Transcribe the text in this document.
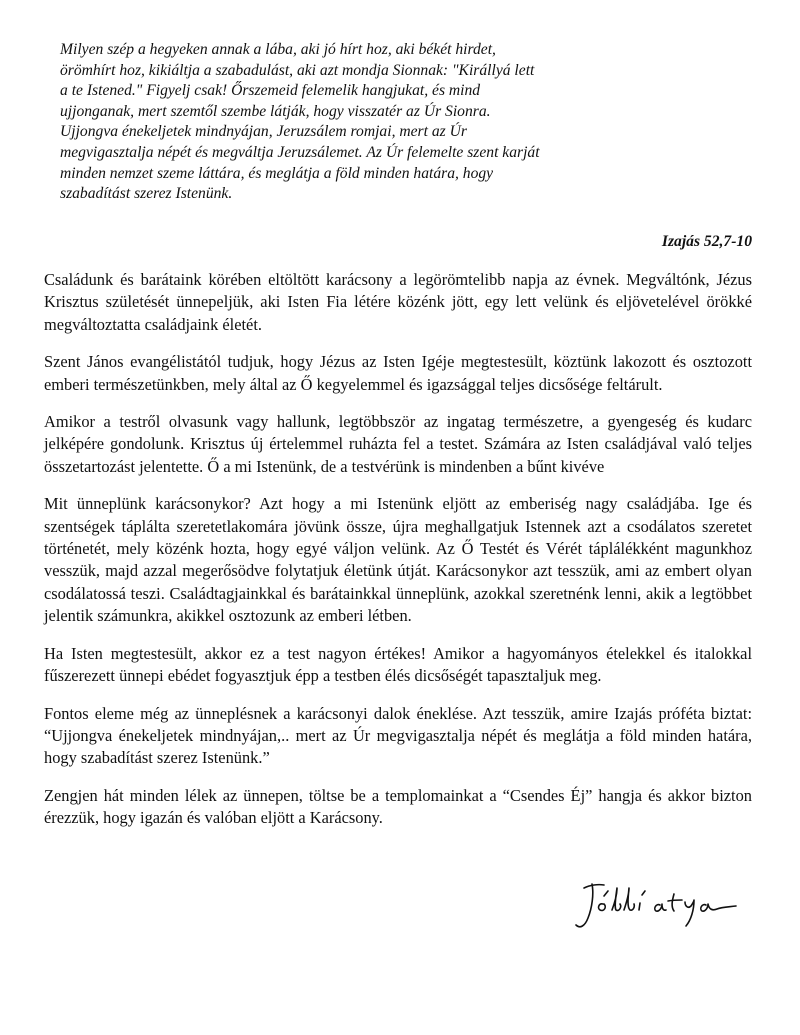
Milyen szép a hegyeken annak a lába, aki jó hírt hoz, aki békét hirdet, örömhírt hoz, kikiáltja a szabadulást, aki azt mondja Sionnak: "Királlyá lett a te Istened." Figyelj csak! Őrszemeid felemelik hangjukat, és mind ujjonganak, mert szemtől szembe látják, hogy visszatér az Úr Sionra.

Ujjongva énekeljetek mindnyájan, Jeruzsálem romjai, mert az Úr megvigasztalja népét és megváltja Jeruzsálemet. Az Úr felemelte szent karját minden nemzet szeme láttára, és meglátja a föld minden határa, hogy szabadítást szerez Istenünk.

Izajás 52,7-10

Családunk és barátaink körében eltöltött karácsony a legörömtelibb napja az évnek. Megváltónk, Jézus Krisztus születését ünnepeljük, aki Isten Fia létére közénk jött, egy lett velünk és eljövetelével örökké megváltoztatta családjaink életét.

Szent János evangélistától tudjuk, hogy Jézus az Isten Igéje megtestesült, köztünk lakozott és osztozott emberi természetünkben, mely által az Ő kegyelemmel és igazsággal teljes dicsősége feltárult.

Amikor a testről olvasunk vagy hallunk, legtöbbször az ingatag természetre, a gyengeség és kudarc jelképére gondolunk. Krisztus új értelemmel ruházta fel a testet. Számára az Isten családjával való teljes összetartozást jelentette. Ő a mi Istenünk, de a testvérünk is mindenben a bűnt kivéve

Mit ünneplünk karácsonykor? Azt hogy a mi Istenünk eljött az emberiség nagy családjába. Ige és szentségek táplálta szeretetlakomára jövünk össze, újra meghallgatjuk Istennek azt a csodálatos szeretet történetét, mely közénk hozta, hogy egyé váljon velünk. Az Ő Testét és Vérét táplálékként magunkhoz vesszük, majd azzal megerősödve folytatjuk életünk útját. Karácsonykor azt tesszük, ami az embert olyan csodálatossá teszi. Családtagjainkkal és barátainkkal ünneplünk, azokkal szeretnénk lenni, akik a legtöbbet jelentik számunkra, akikkel osztozunk az emberi létben.

Ha Isten megtestesült, akkor ez a test nagyon értékes! Amikor a hagyományos ételekkel és italokkal fűszerezett ünnepi ebédet fogyasztjuk épp a testben élés dicsőségét tapasztaljuk meg.

Fontos eleme még az ünneplésnek a karácsonyi dalok éneklése. Azt tesszük, amire Izajás próféta biztat: “Ujjongva énekeljetek mindnyájan,.. mert az Úr megvigasztalja népét és meglátja a föld minden határa, hogy szabadítást szerez Istenünk.”

Zengjen hát minden lélek az ünnepen, töltse be a templomainkat a “Csendes Éj” hangja és akkor bizton érezzük, hogy igazán és valóban eljött a Karácsony.
